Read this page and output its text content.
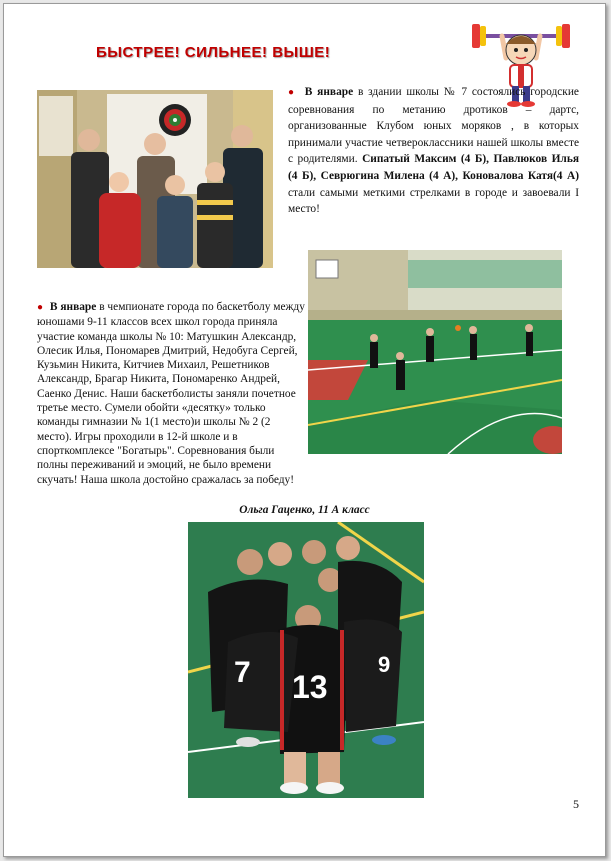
БЫСТРЕЕ! СИЛЬНЕЕ! ВЫШЕ!
● В январе в здании школы № 7 состоялись городские соревнования по метанию дротиков – дартс, организованные Клубом юных моряков , в которых принимали участие четвероклассники нашей школы вместе с родителями. Сипатый Максим (4 Б), Павлюков Илья (4 Б), Севрюгина Милена (4 А), Коновалова Катя(4 А) стали самыми меткими стрелками в городе и завоевали I место!
● В январе в чемпионате города по баскетболу между юношами 9-11 классов всех школ города приняла участие команда школы № 10: Матушкин Александр, Олесик Илья, Пономарев Дмитрий, Недобуга Сергей, Кузьмин Никита, Китчиев Михаил, Решетников Александр, Брагар Никита, Пономаренко Андрей, Саенко Денис. Наши баскетболисты заняли почетное третье место. Сумели обойти «десятку» только команды гимназии № 1(1 место)и школы № 2 (2 место). Игры проходили в 12-й школе и в спорткомплексе "Богатырь". Соревнования были полны переживаний и эмоций, не было времени скучать! Наша школа достойно сражалась за победу!
Ольга Гаценко, 11 А класс
7 13
9
5
